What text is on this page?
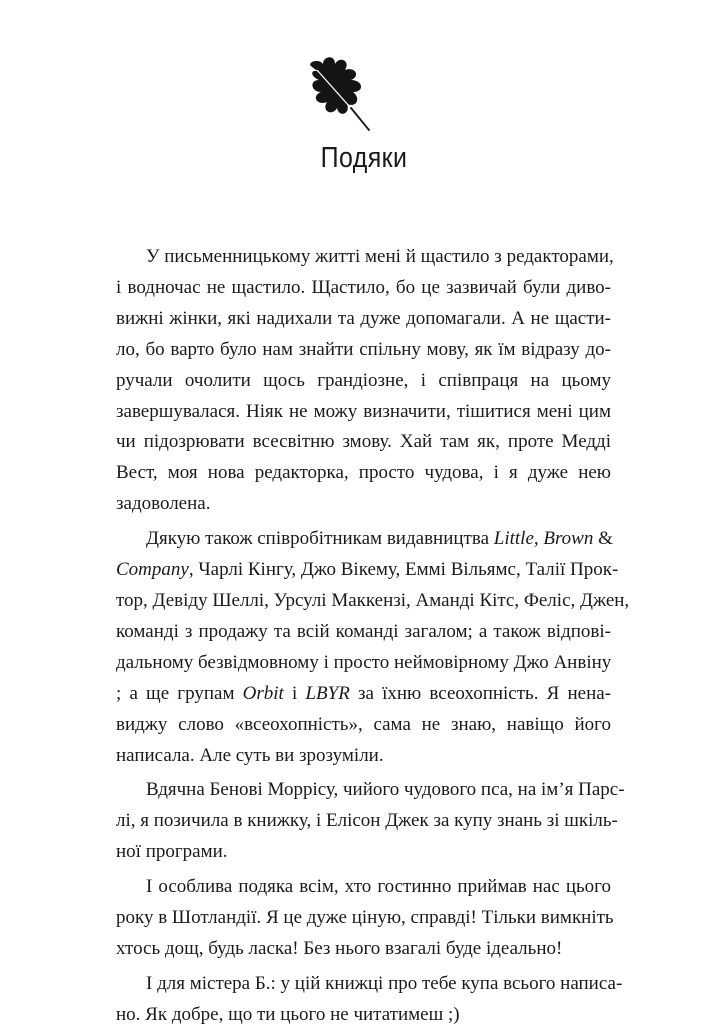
Подяки

У письменницькому житті мені й щастило з редакторами,
і водночас не щастило. Щастило, бо це зазвичай були диво-
вижні жінки, які надихали та дуже допомагали. А не щасти-
ло, бо варто було нам знайти спільну мову, як їм відразу до-
ручали очолити щось грандіозне, і співпраця на цьому
завершувалася. Ніяк не можу визначити, тішитися мені цим
чи підозрювати всесвітню змову. Хай там як, проте Медді
Вест, моя нова редакторка, просто чудова, і я дуже нею
задоволена.

Дякую також співробітникам видавництва Little, Brown &
Company, Чарлі Кінгу, Джо Вікему, Еммі Вільямс, Талії Прок-
тор, Девіду Шеллі, Урсулі Маккензі, Аманді Кітс, Феліс, Джен,
команді з продажу та всій команді загалом; а також відпові-
дальному безвідмовному і просто неймовірному Джо Анвіну
; а ще групам Orbit і LBYR за їхню всеохопність. Я нена-
виджу слово «всеохопність», сама не знаю, навіщо його
написала. Але суть ви зрозуміли.

Вдячна Бенові Моррісу, чийого чудового пса, на ім’я Парс-
лі, я позичила в книжку, і Елісон Джек за купу знань зі шкіль-
ної програми.

І особлива подяка всім, хто гостинно приймав нас цього
року в Шотландії. Я це дуже ціную, справді! Тільки вимкніть
хтось дощ, будь ласка! Без нього взагалі буде ідеально!

І для містера Б.: у цій книжці про тебе купа всього написа-
но. Як добре, що ти цього не читатимеш ;)
